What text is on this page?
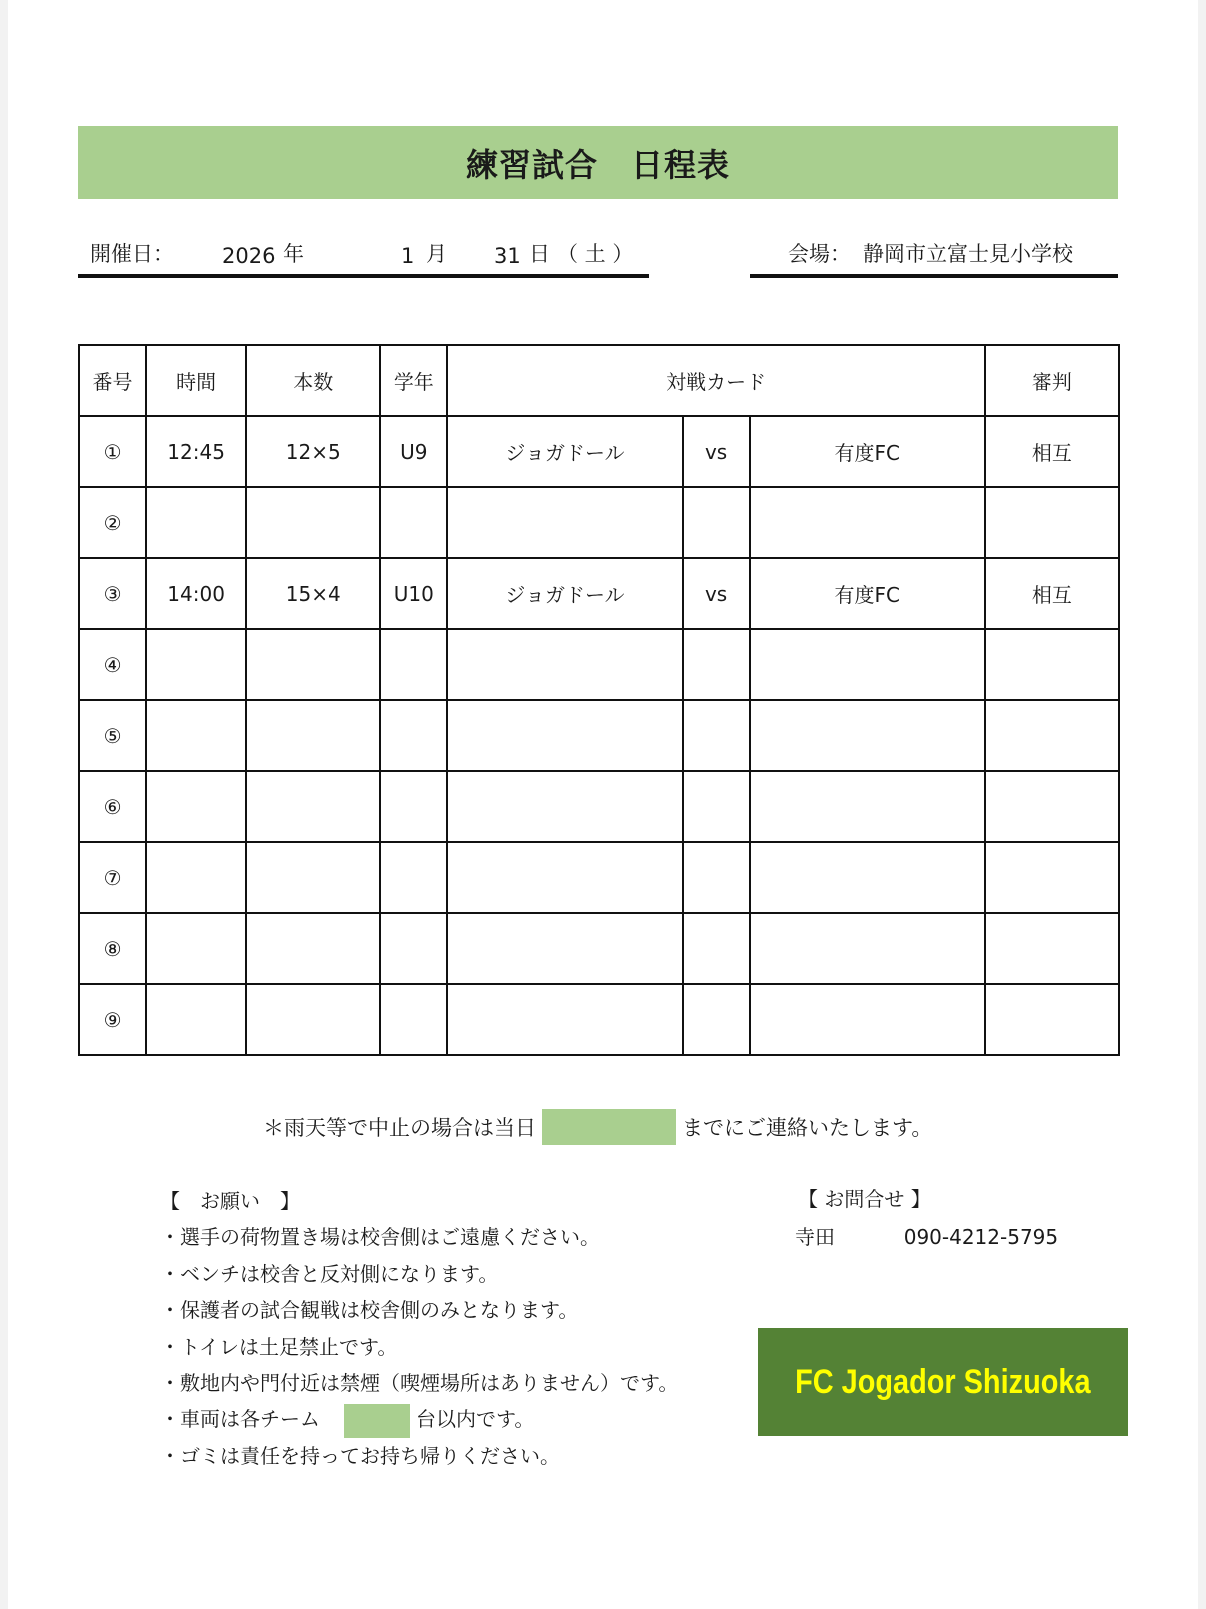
練習試合　日程表
開催日： 2026 年	1 月 31 日 （ 土 ）	会場： 静岡市立富士見小学校
番号	時間	本数	学年	対戦カード			審判
①	12:45	12×5	U9	ジョガドール	vs	有度FC	相互
②							
③	14:00	15×4	U10	ジョガドール	vs	有度FC	相互
④							
⑤							
⑥							
⑦							
⑧							
⑨							
＊雨天等で中止の場合は当日	までにご連絡いたします。
【　お願い　】
・選手の荷物置き場は校舎側はご遠慮ください。
・ベンチは校舎と反対側になります。
・保護者の試合観戦は校舎側のみとなります。
・トイレは土足禁止です。
・敷地内や門付近は禁煙（喫煙場所はありません）です。
・車両は各チーム	台以内です。
・ゴミは責任を持ってお持ち帰りください。
【 お問合せ 】
寺田	090-4212-5795
FC Jogador Shizuoka
